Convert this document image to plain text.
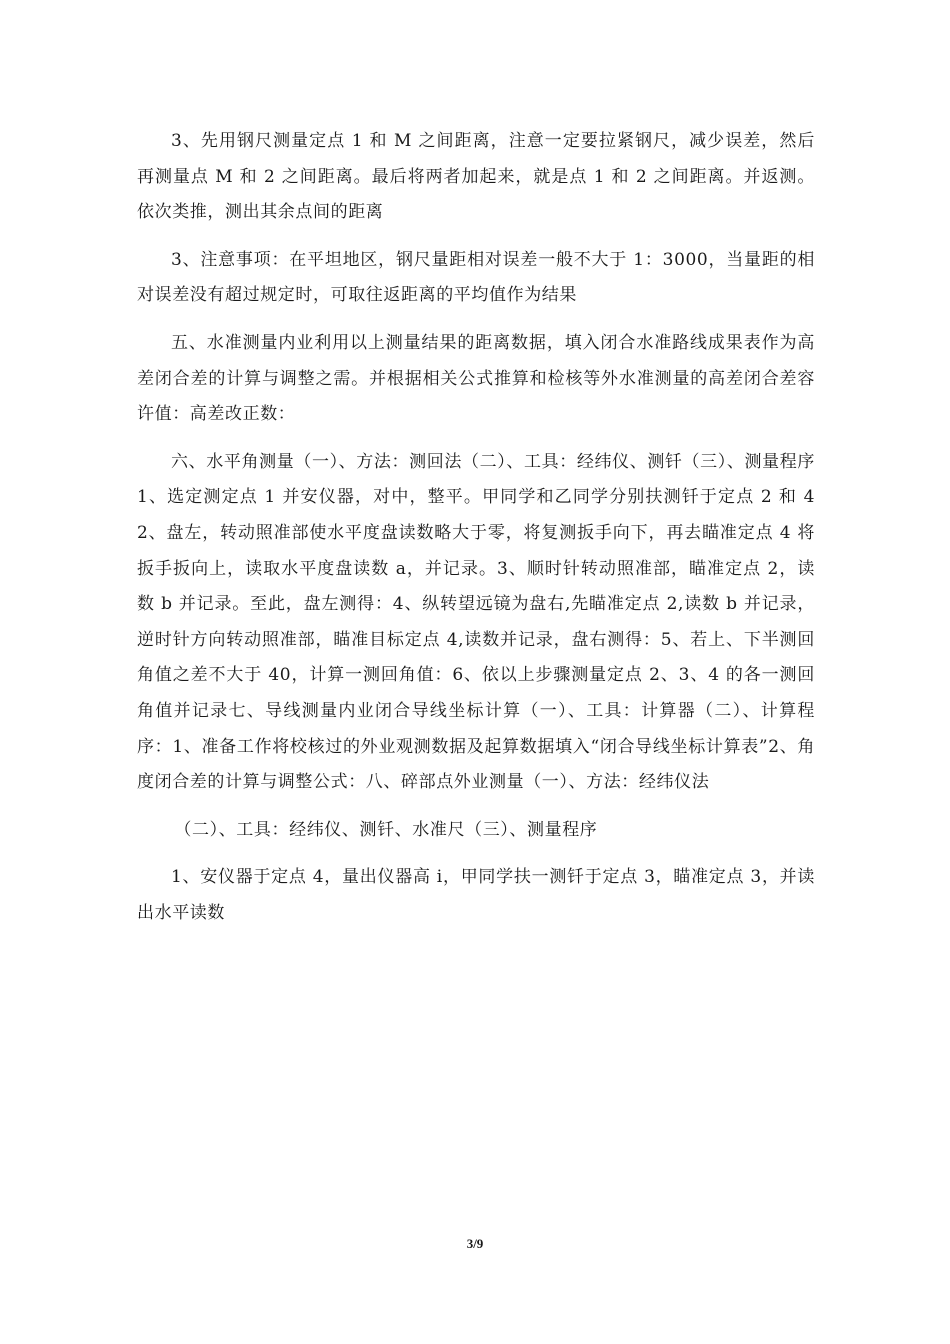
3、先用钢尺测量定点 1 和 M 之间距离，注意一定要拉紧钢尺，减少误差，然后再测量点 M 和 2 之间距离。最后将两者加起来，就是点 1 和 2 之间距离。并返测。依次类推，测出其余点间的距离

3、注意事项：在平坦地区，钢尺量距相对误差一般不大于 1：3000，当量距的相对误差没有超过规定时，可取往返距离的平均值作为结果

五、水准测量内业利用以上测量结果的距离数据，填入闭合水准路线成果表作为高差闭合差的计算与调整之需。并根据相关公式推算和检核等外水准测量的高差闭合差容许值：高差改正数：

六、水平角测量（一）、方法：测回法（二）、工具：经纬仪、测钎（三）、测量程序 1、选定测定点 1 并安仪器，对中，整平。甲同学和乙同学分别扶测钎于定点 2 和 42、盘左，转动照准部使水平度盘读数略大于零，将复测扳手向下，再去瞄准定点 4 将扳手扳向上，读取水平度盘读数 a，并记录。3、顺时针转动照准部，瞄准定点 2，读数 b 并记录。至此，盘左测得：4、纵转望远镜为盘右,先瞄准定点 2,读数 b 并记录，逆时针方向转动照准部，瞄准目标定点 4,读数并记录，盘右测得：5、若上、下半测回角值之差不大于 40，计算一测回角值：6、依以上步骤测量定点 2、3、4 的各一测回角值并记录七、导线测量内业闭合导线坐标计算（一）、工具：计算器（二）、计算程序：1、准备工作将校核过的外业观测数据及起算数据填入“闭合导线坐标计算表”2、角度闭合差的计算与调整公式：八、碎部点外业测量（一）、方法：经纬仪法

（二）、工具：经纬仪、测钎、水准尺（三）、测量程序

1、安仪器于定点 4，量出仪器高 i，甲同学扶一测钎于定点 3，瞄准定点 3，并读出水平读数

3/9
